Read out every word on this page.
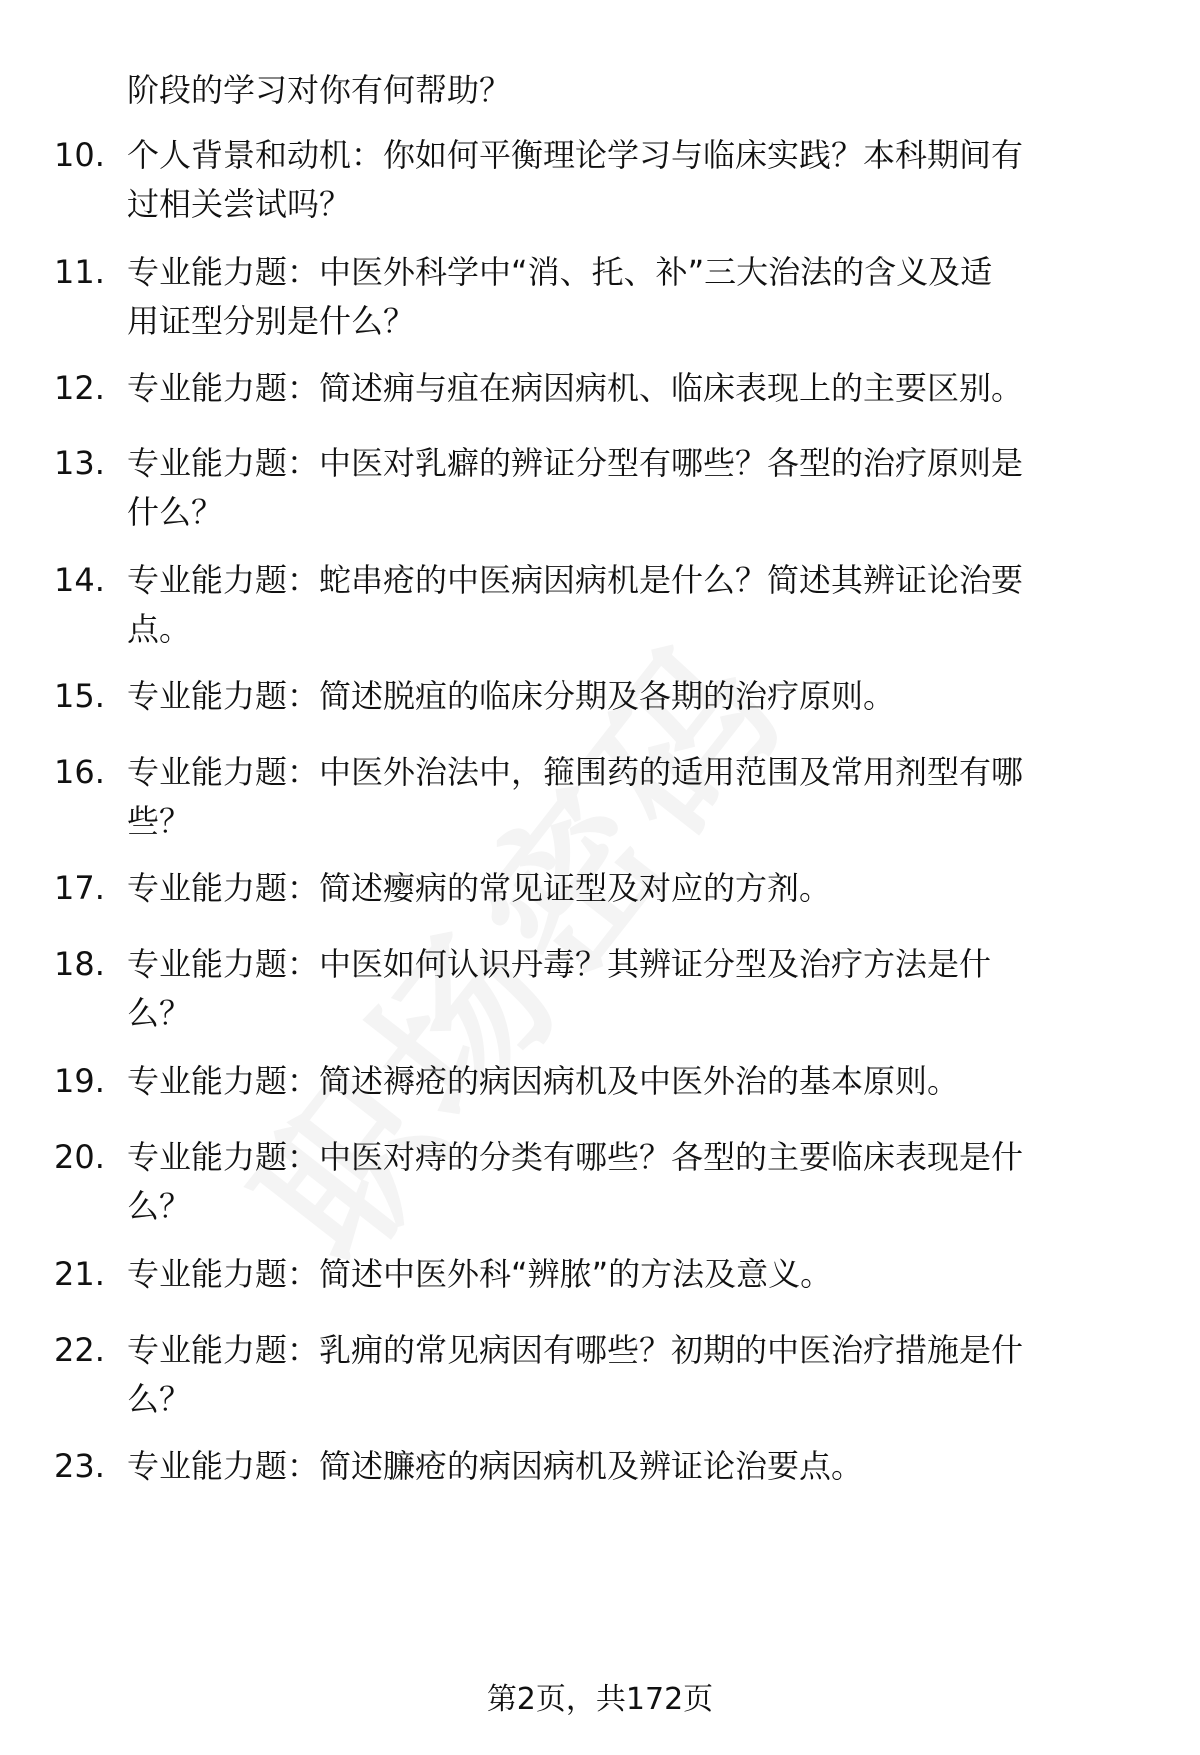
阶段的学习对你有何帮助？
10. 个人背景和动机：你如何平衡理论学习与临床实践？本科期间有
过相关尝试吗？
11. 专业能力题：中医外科学中“消、托、补”三大治法的含义及适
用证型分别是什么？
12. 专业能力题：简述痈与疽在病因病机、临床表现上的主要区别。
13. 专业能力题：中医对乳癖的辨证分型有哪些？各型的治疗原则是
什么？
14. 专业能力题：蛇串疮的中医病因病机是什么？简述其辨证论治要
点。
15. 专业能力题：简述脱疽的临床分期及各期的治疗原则。
16. 专业能力题：中医外治法中，箍围药的适用范围及常用剂型有哪
些？
17. 专业能力题：简述瘿病的常见证型及对应的方剂。
18. 专业能力题：中医如何认识丹毒？其辨证分型及治疗方法是什
么？
19. 专业能力题：简述褥疮的病因病机及中医外治的基本原则。
20. 专业能力题：中医对痔的分类有哪些？各型的主要临床表现是什
么？
21. 专业能力题：简述中医外科“辨脓”的方法及意义。
22. 专业能力题：乳痈的常见病因有哪些？初期的中医治疗措施是什
么？
23. 专业能力题：简述臁疮的病因病机及辨证论治要点。
第2页，共172页
